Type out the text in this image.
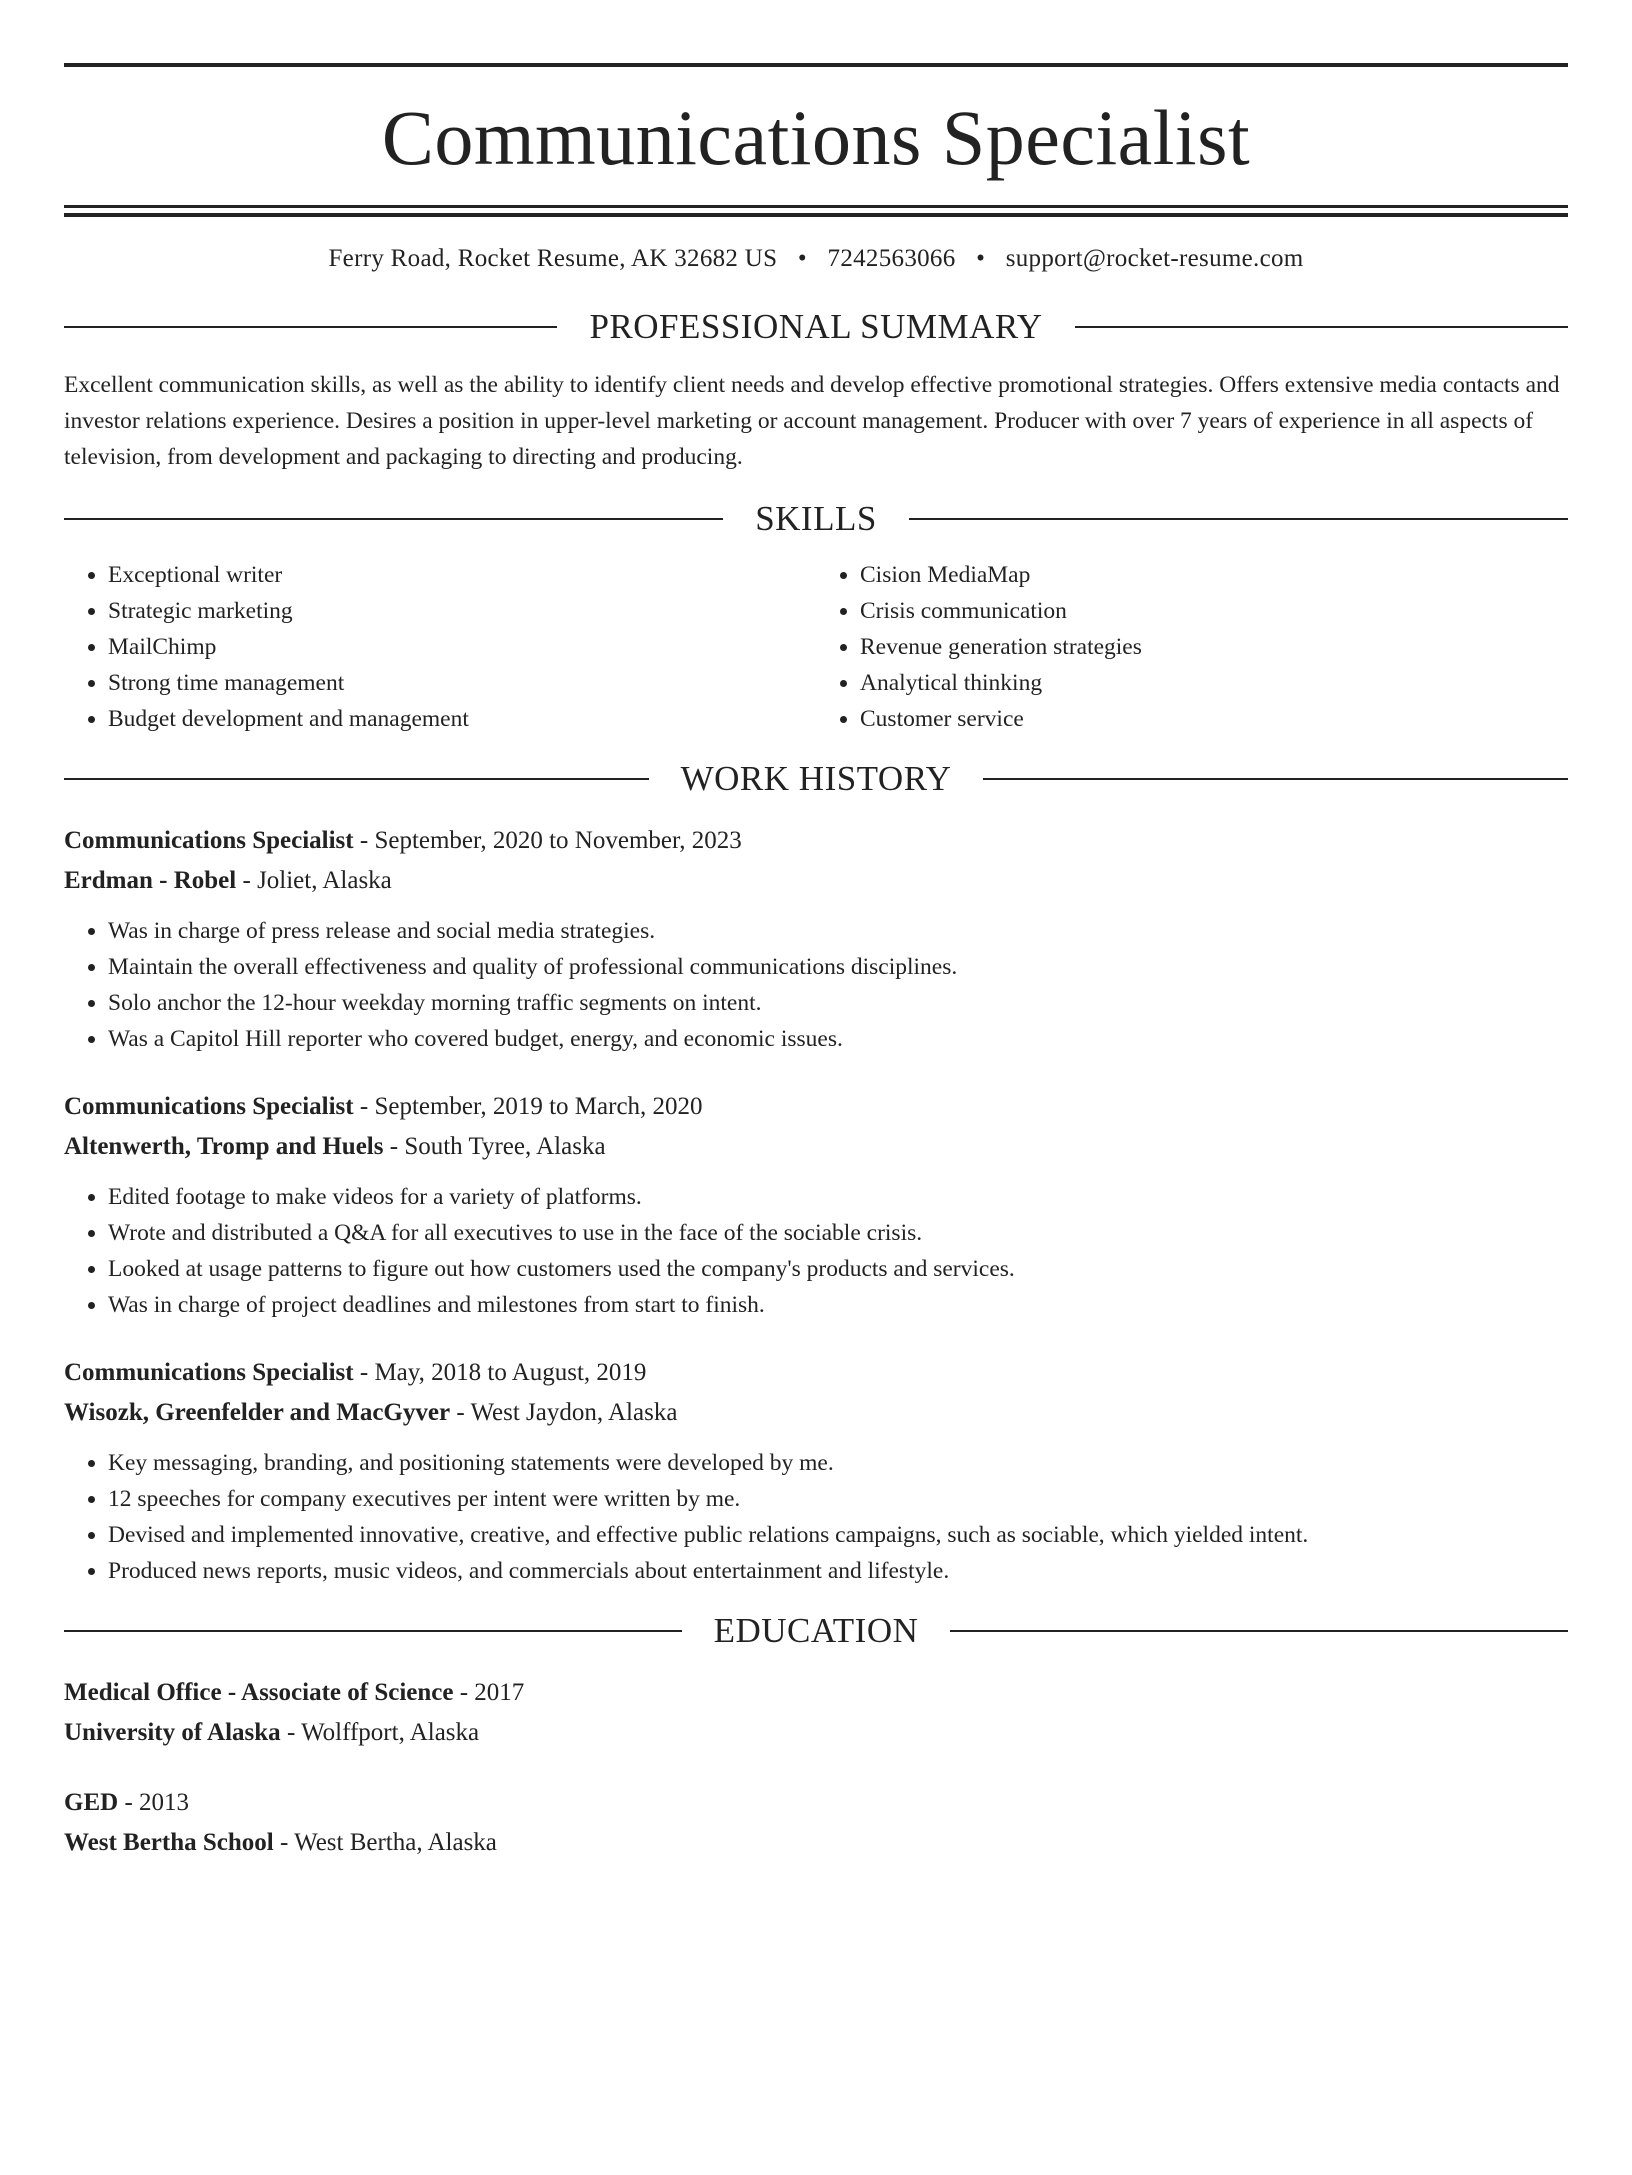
Communications Specialist
Ferry Road, Rocket Resume, AK 32682 US • 7242563066 • support@rocket-resume.com
PROFESSIONAL SUMMARY

Excellent communication skills, as well as the ability to identify client needs and develop effective promotional strategies. Offers extensive media contacts and investor relations experience. Desires a position in upper-level marketing or account management. Producer with over 7 years of experience in all aspects of television, from development and packaging to directing and producing.

SKILLS
• Exceptional writer
• Strategic marketing
• MailChimp
• Strong time management
• Budget development and management
• Cision MediaMap
• Crisis communication
• Revenue generation strategies
• Analytical thinking
• Customer service
WORK HISTORY
Communications Specialist - September, 2020 to November, 2023
Erdman - Robel - Joliet, Alaska
• Was in charge of press release and social media strategies.
• Maintain the overall effectiveness and quality of professional communications disciplines.
• Solo anchor the 12-hour weekday morning traffic segments on intent.
• Was a Capitol Hill reporter who covered budget, energy, and economic issues.
Communications Specialist - September, 2019 to March, 2020
Altenwerth, Tromp and Huels - South Tyree, Alaska
• Edited footage to make videos for a variety of platforms.
• Wrote and distributed a Q&A for all executives to use in the face of the sociable crisis.
• Looked at usage patterns to figure out how customers used the company's products and services.
• Was in charge of project deadlines and milestones from start to finish.
Communications Specialist - May, 2018 to August, 2019
Wisozk, Greenfelder and MacGyver - West Jaydon, Alaska
• Key messaging, branding, and positioning statements were developed by me.
• 12 speeches for company executives per intent were written by me.
• Devised and implemented innovative, creative, and effective public relations campaigns, such as sociable, which yielded intent.
• Produced news reports, music videos, and commercials about entertainment and lifestyle.
EDUCATION
Medical Office - Associate of Science - 2017
University of Alaska - Wolffport, Alaska
GED - 2013
West Bertha School - West Bertha, Alaska
